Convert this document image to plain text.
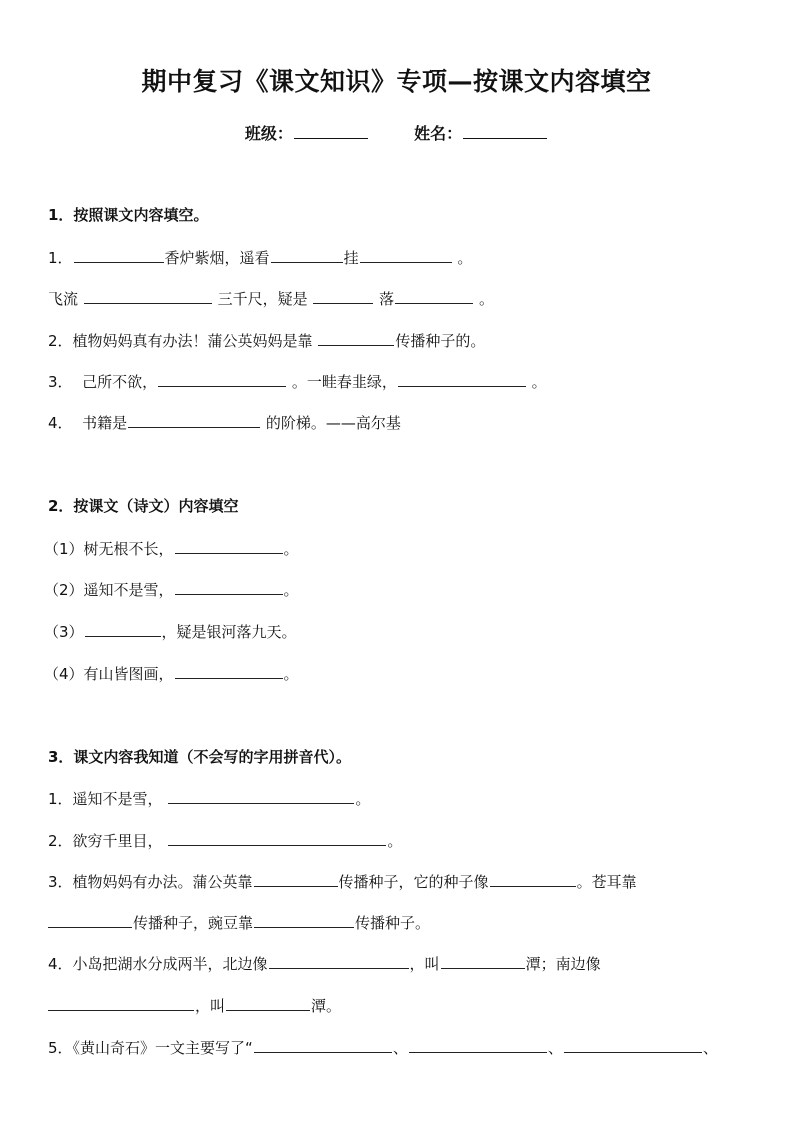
期中复习《课文知识》专项—按课文内容填空
班级：	姓名：
1．按照课文内容填空。
1．	香炉紫烟，遥看	挂	。
飞流	三千尺，疑是	落	。
2．植物妈妈真有办法！蒲公英妈妈是靠	传播种子的。
3．  己所不欲，	。一畦春韭绿，	。
4．  书籍是	的阶梯。——高尔基
2．按课文（诗文）内容填空
（1）树无根不长，	。
（2）遥知不是雪，	。
（3）	，疑是银河落九天。
（4）有山皆图画，	。
3．课文内容我知道（不会写的字用拼音代）。
1．遥知不是雪，	。
2．欲穷千里目，	。
3．植物妈妈有办法。蒲公英靠	传播种子，它的种子像	。苍耳靠
传播种子，豌豆靠	传播种子。
4．小岛把湖水分成两半，北边像	，叫	潭；南边像
，叫	潭。
5．《黄山奇石》一文主要写了“	、	、	、
